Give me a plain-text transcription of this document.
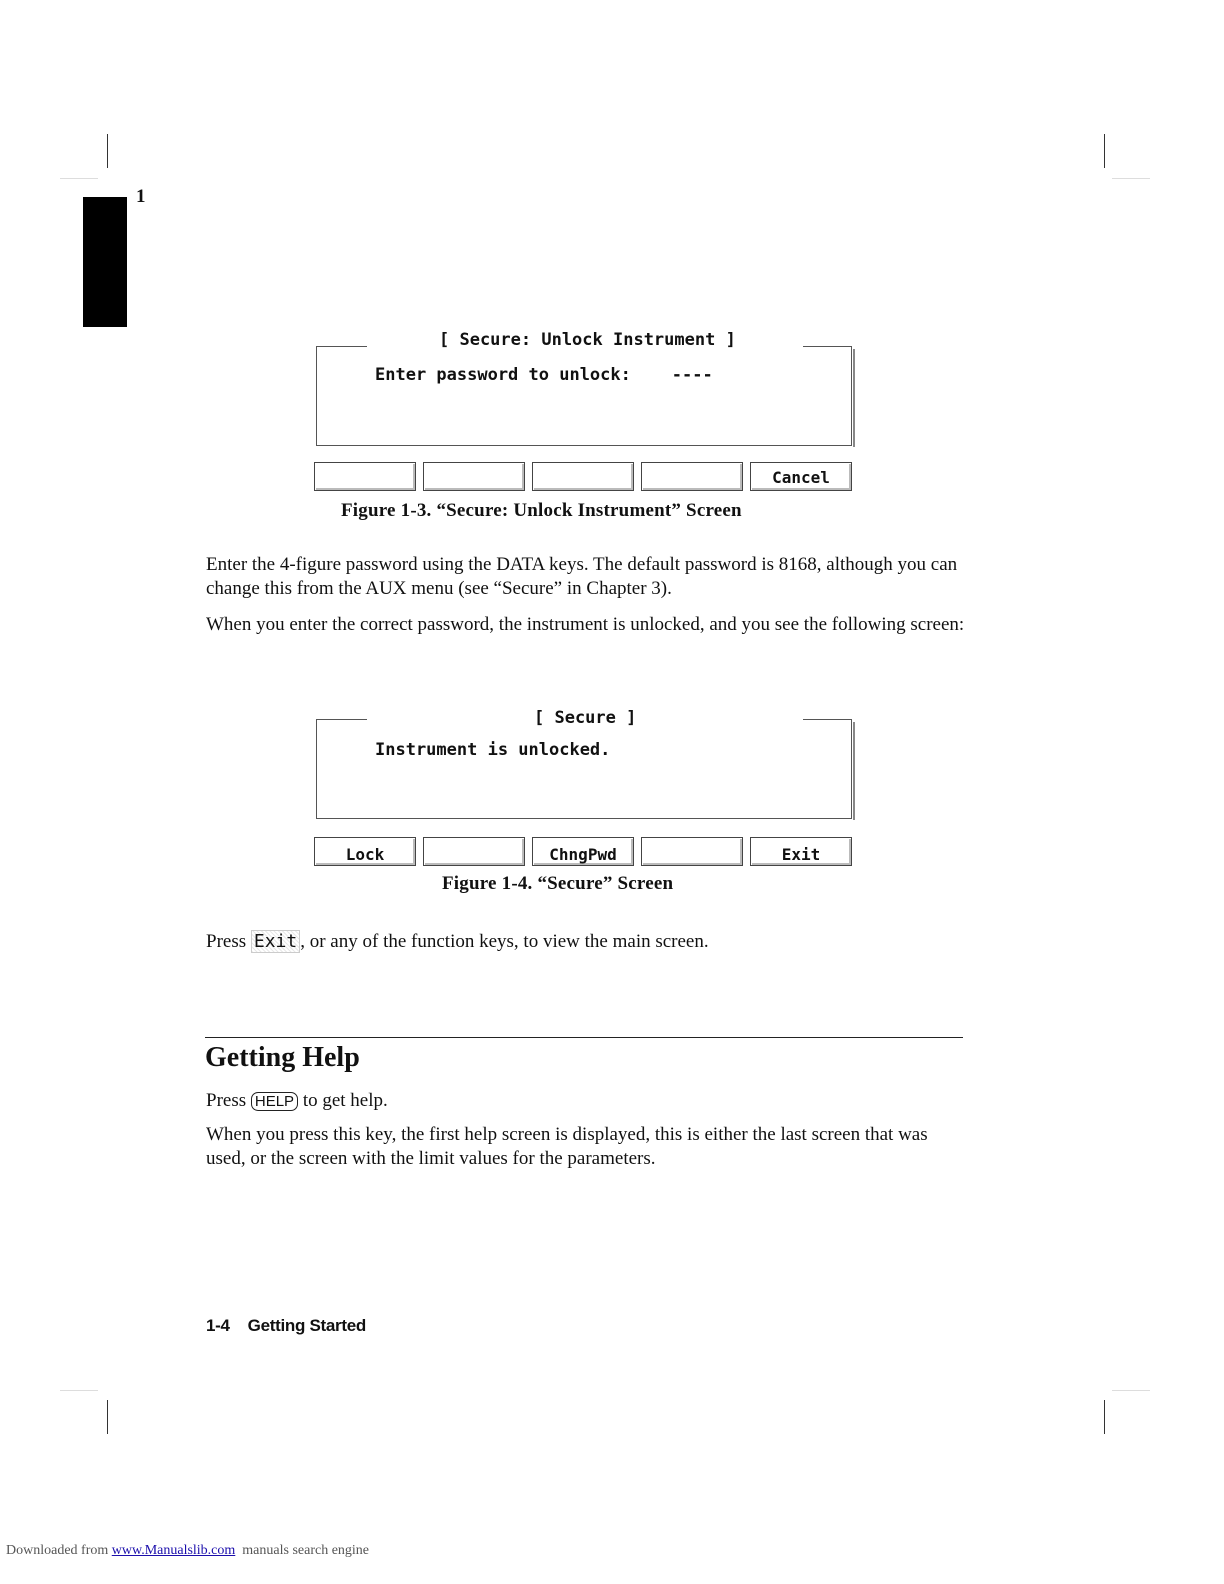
1
[ Secure: Unlock Instrument ]
Enter password to unlock:    ----
Cancel
Figure 1-3. “Secure: Unlock Instrument” Screen
Enter the 4-figure password using the DATA keys. The default password is 8168, although you can change this from the AUX menu (see “Secure” in Chapter 3).
When you enter the correct password, the instrument is unlocked, and you see the following screen:
[ Secure ]
Instrument is unlocked.
Lock	ChngPwd	Exit
Figure 1-4. “Secure” Screen
Press Exit , or any of the function keys, to view the main screen.
Getting Help
Press HELP to get help.
When you press this key, the first help screen is displayed, this is either the last screen that was used, or the screen with the limit values for the parameters.
1-4 Getting Started
Downloaded from www.Manualslib.com  manuals search engine
